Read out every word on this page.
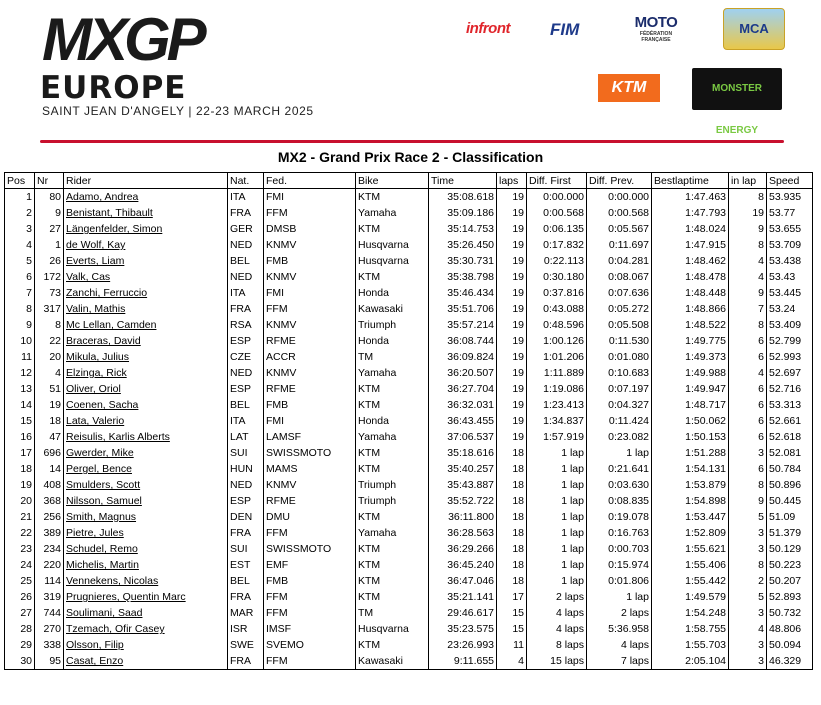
MXGP
EUROPE
SAINT JEAN D'ANGELY | 22-23 MARCH 2025
infront FIM	MOTO
FÉDÉRATION FRANÇAISE
MCA
KTM	MONSTER ENERGY
MX2 - Grand Prix Race 2 - Classification
Pos	Nr	Rider	Nat.	Fed.	Bike	Time	laps	Diff. First	Diff. Prev.	Bestlaptime	in lap	Speed
1	80	Adamo, Andrea	ITA	FMI	KTM	35:08.618	19	0:00.000	0:00.000	1:47.463	8	53.935
2	9	Benistant, Thibault	FRA	FFM	Yamaha	35:09.186	19	0:00.568	0:00.568	1:47.793	19	53.77
3	27	Längenfelder, Simon	GER	DMSB	KTM	35:14.753	19	0:06.135	0:05.567	1:48.024	9	53.655
4	1	de Wolf, Kay	NED	KNMV	Husqvarna	35:26.450	19	0:17.832	0:11.697	1:47.915	8	53.709
5	26	Everts, Liam	BEL	FMB	Husqvarna	35:30.731	19	0:22.113	0:04.281	1:48.462	4	53.438
6	172	Valk, Cas	NED	KNMV	KTM	35:38.798	19	0:30.180	0:08.067	1:48.478	4	53.43
7	73	Zanchi, Ferruccio	ITA	FMI	Honda	35:46.434	19	0:37.816	0:07.636	1:48.448	9	53.445
8	317	Valin, Mathis	FRA	FFM	Kawasaki	35:51.706	19	0:43.088	0:05.272	1:48.866	7	53.24
9	8	Mc Lellan, Camden	RSA	KNMV	Triumph	35:57.214	19	0:48.596	0:05.508	1:48.522	8	53.409
10	22	Braceras, David	ESP	RFME	Honda	36:08.744	19	1:00.126	0:11.530	1:49.775	6	52.799
11	20	Mikula, Julius	CZE	ACCR	TM	36:09.824	19	1:01.206	0:01.080	1:49.373	6	52.993
12	4	Elzinga, Rick	NED	KNMV	Yamaha	36:20.507	19	1:11.889	0:10.683	1:49.988	4	52.697
13	51	Oliver, Oriol	ESP	RFME	KTM	36:27.704	19	1:19.086	0:07.197	1:49.947	6	52.716
14	19	Coenen, Sacha	BEL	FMB	KTM	36:32.031	19	1:23.413	0:04.327	1:48.717	6	53.313
15	18	Lata, Valerio	ITA	FMI	Honda	36:43.455	19	1:34.837	0:11.424	1:50.062	6	52.661
16	47	Reisulis, Karlis Alberts	LAT	LAMSF	Yamaha	37:06.537	19	1:57.919	0:23.082	1:50.153	6	52.618
17	696	Gwerder, Mike	SUI	SWISSMOTO	KTM	35:18.616	18	1 lap	1 lap	1:51.288	3	52.081
18	14	Pergel, Bence	HUN	MAMS	KTM	35:40.257	18	1 lap	0:21.641	1:54.131	6	50.784
19	408	Smulders, Scott	NED	KNMV	Triumph	35:43.887	18	1 lap	0:03.630	1:53.879	8	50.896
20	368	Nilsson, Samuel	ESP	RFME	Triumph	35:52.722	18	1 lap	0:08.835	1:54.898	9	50.445
21	256	Smith, Magnus	DEN	DMU	KTM	36:11.800	18	1 lap	0:19.078	1:53.447	5	51.09
22	389	Pietre, Jules	FRA	FFM	Yamaha	36:28.563	18	1 lap	0:16.763	1:52.809	3	51.379
23	234	Schudel, Remo	SUI	SWISSMOTO	KTM	36:29.266	18	1 lap	0:00.703	1:55.621	3	50.129
24	220	Michelis, Martin	EST	EMF	KTM	36:45.240	18	1 lap	0:15.974	1:55.406	8	50.223
25	114	Vennekens, Nicolas	BEL	FMB	KTM	36:47.046	18	1 lap	0:01.806	1:55.442	2	50.207
26	319	Prugnieres, Quentin Marc	FRA	FFM	KTM	35:21.141	17	2 laps	1 lap	1:49.579	5	52.893
27	744	Soulimani, Saad	MAR	FFM	TM	29:46.617	15	4 laps	2 laps	1:54.248	3	50.732
28	270	Tzemach, Ofir Casey	ISR	IMSF	Husqvarna	35:23.575	15	4 laps	5:36.958	1:58.755	4	48.806
29	338	Olsson, Filip	SWE	SVEMO	KTM	23:26.993	11	8 laps	4 laps	1:55.703	3	50.094
30	95	Casat, Enzo	FRA	FFM	Kawasaki	9:11.655	4	15 laps	7 laps	2:05.104	3	46.329
